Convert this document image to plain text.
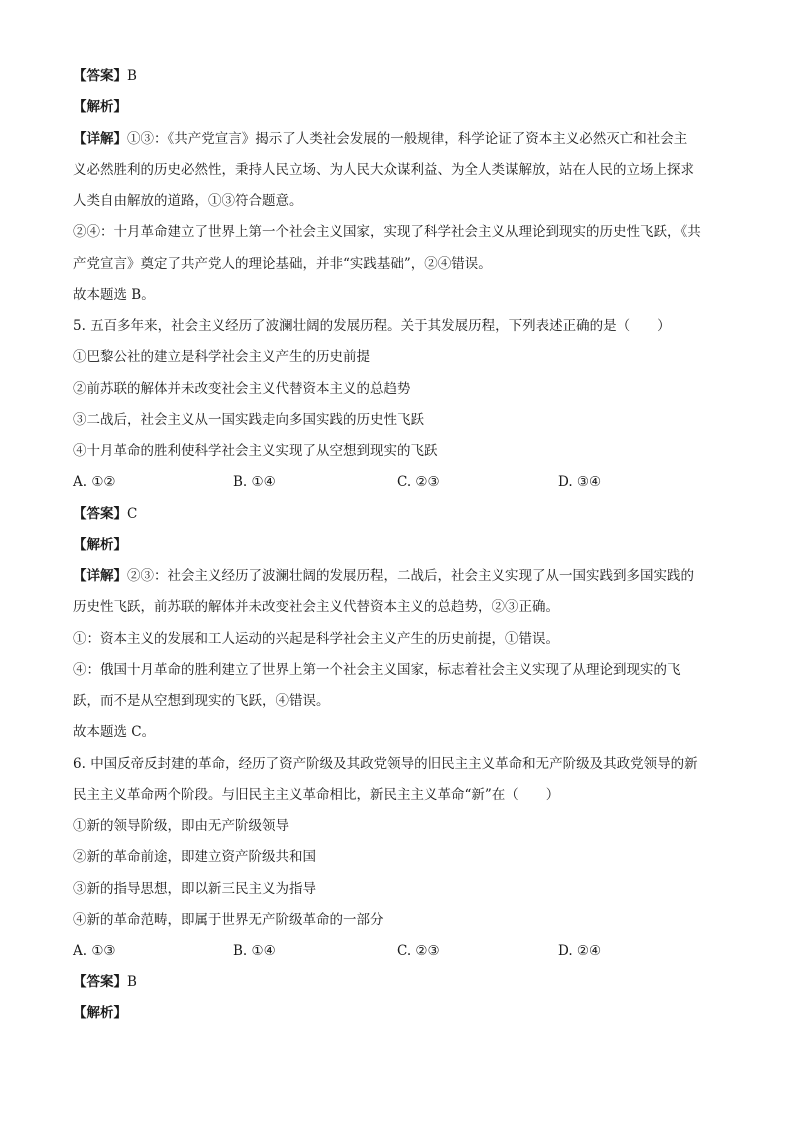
【答案】B
【解析】
【详解】①③：《共产党宣言》揭示了人类社会发展的一般规律，科学论证了资本主义必然灭亡和社会主
义必然胜利的历史必然性，秉持人民立场、为人民大众谋利益、为全人类谋解放，站在人民的立场上探求
人类自由解放的道路，①③符合题意。
②④：十月革命建立了世界上第一个社会主义国家，实现了科学社会主义从理论到现实的历史性飞跃，《共
产党宣言》奠定了共产党人的理论基础，并非“实践基础”，②④错误。
故本题选 B。
5. 五百多年来，社会主义经历了波澜壮阔的发展历程。关于其发展历程，下列表述正确的是（　　）
①巴黎公社的建立是科学社会主义产生的历史前提
②前苏联的解体并未改变社会主义代替资本主义的总趋势
③二战后，社会主义从一国实践走向多国实践的历史性飞跃
④十月革命的胜利使科学社会主义实现了从空想到现实的飞跃
A. ①②	B. ①④	C. ②③	D. ③④
【答案】C
【解析】
【详解】②③：社会主义经历了波澜壮阔的发展历程，二战后，社会主义实现了从一国实践到多国实践的
历史性飞跃，前苏联的解体并未改变社会主义代替资本主义的总趋势，②③正确。
①：资本主义的发展和工人运动的兴起是科学社会主义产生的历史前提，①错误。
④：俄国十月革命的胜利建立了世界上第一个社会主义国家，标志着社会主义实现了从理论到现实的飞
跃，而不是从空想到现实的飞跃，④错误。
故本题选 C。
6. 中国反帝反封建的革命，经历了资产阶级及其政党领导的旧民主主义革命和无产阶级及其政党领导的新
民主主义革命两个阶段。与旧民主主义革命相比，新民主主义革命“新”在（　　）
①新的领导阶级，即由无产阶级领导
②新的革命前途，即建立资产阶级共和国
③新的指导思想，即以新三民主义为指导
④新的革命范畴，即属于世界无产阶级革命的一部分
A. ①③	B. ①④	C. ②③	D. ②④
【答案】B
【解析】
